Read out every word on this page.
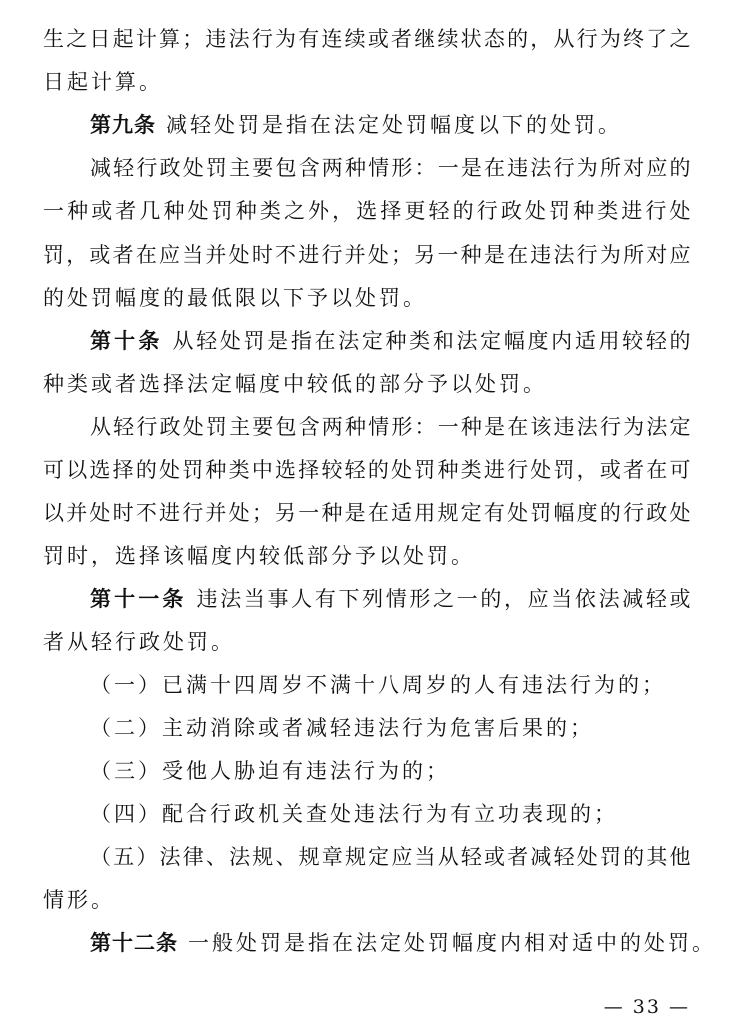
生之日起计算；违法行为有连续或者继续状态的，从行为终了之
日起计算。
第九条 减轻处罚是指在法定处罚幅度以下的处罚。
减轻行政处罚主要包含两种情形：一是在违法行为所对应的
一种或者几种处罚种类之外，选择更轻的行政处罚种类进行处
罚，或者在应当并处时不进行并处；另一种是在违法行为所对应
的处罚幅度的最低限以下予以处罚。
第十条 从轻处罚是指在法定种类和法定幅度内适用较轻的
种类或者选择法定幅度中较低的部分予以处罚。
从轻行政处罚主要包含两种情形：一种是在该违法行为法定
可以选择的处罚种类中选择较轻的处罚种类进行处罚，或者在可
以并处时不进行并处；另一种是在适用规定有处罚幅度的行政处
罚时，选择该幅度内较低部分予以处罚。
第十一条 违法当事人有下列情形之一的，应当依法减轻或
者从轻行政处罚。
（一）已满十四周岁不满十八周岁的人有违法行为的；
（二）主动消除或者减轻违法行为危害后果的；
（三）受他人胁迫有违法行为的；
（四）配合行政机关查处违法行为有立功表现的；
（五）法律、法规、规章规定应当从轻或者减轻处罚的其他
情形。
第十二条 一般处罚是指在法定处罚幅度内相对适中的处罚。
— 33 —
